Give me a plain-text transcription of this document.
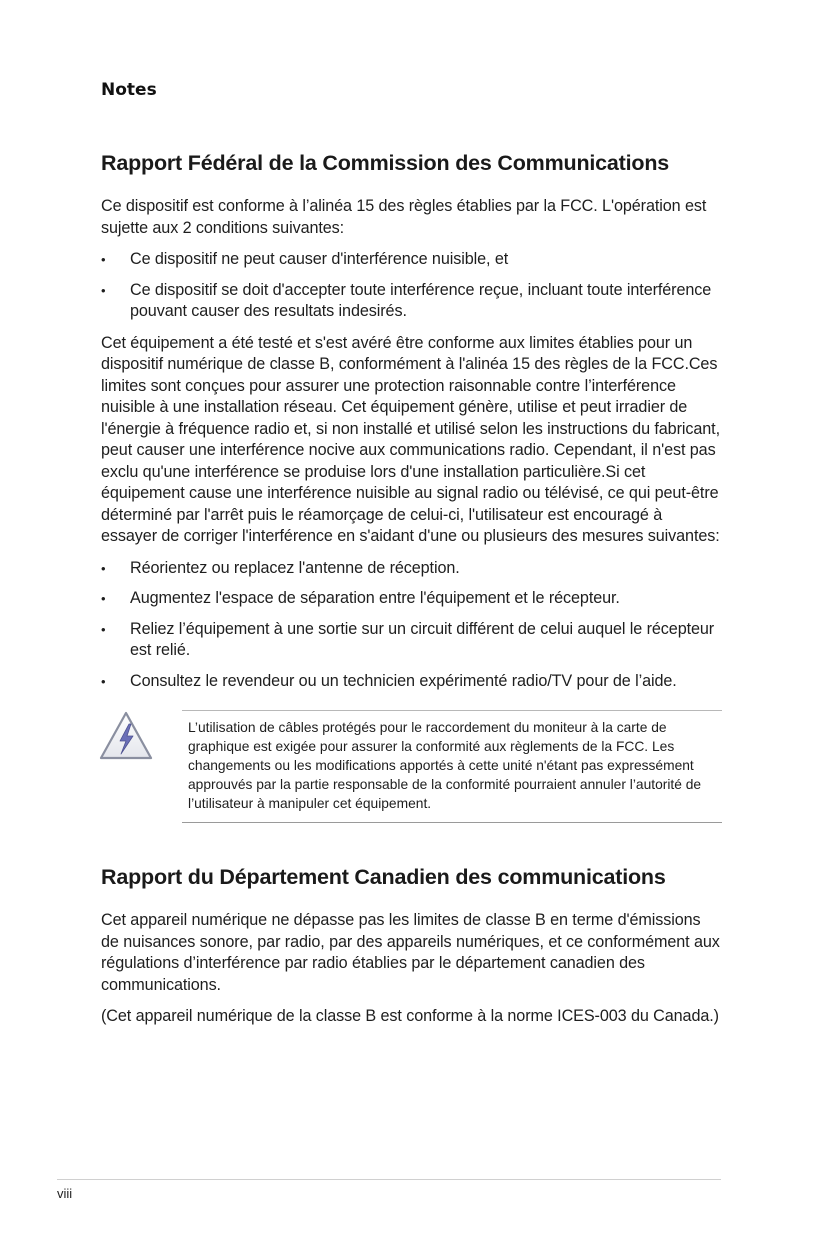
Notes
Rapport Fédéral de la Commission des Communications

Ce dispositif est conforme à l’alinéa 15 des règles établies par la FCC. L'opération est sujette aux 2 conditions suivantes:

• Ce dispositif ne peut causer d'interférence nuisible, et
• Ce dispositif se doit d'accepter toute interférence reçue, incluant toute interférence pouvant causer des resultats indesirés.

Cet équipement a été testé et s'est avéré être conforme aux limites établies pour un dispositif numérique de classe B, conformément à l'alinéa 15 des règles de la FCC.Ces limites sont conçues pour assurer une protection raisonnable contre l’interférence nuisible à une installation réseau. Cet équipement génère, utilise et peut irradier de l'énergie à fréquence radio et, si non installé et utilisé selon les instructions du fabricant, peut causer une interférence nocive aux communications radio. Cependant, il n'est pas exclu qu'une interférence se produise lors d'une installation particulière.Si cet équipement cause une interférence nuisible au signal radio ou télévisé, ce qui peut-être déterminé par l'arrêt puis le réamorçage de celui-ci, l'utilisateur est encouragé à essayer de corriger l'interférence en s'aidant d'une ou plusieurs des mesures suivantes:

• Réorientez ou replacez l'antenne de réception.
• Augmentez l'espace de séparation entre l'équipement et le récepteur.
• Reliez l’équipement à une sortie sur un circuit différent de celui auquel le récepteur est relié.
• Consultez le revendeur ou un technicien expérimenté radio/TV pour de l’aide.
L’utilisation de câbles protégés pour le raccordement du moniteur à la carte de graphique est exigée pour assurer la conformité aux règlements de la FCC. Les changements ou les modifications apportés à cette unité n'étant pas expressément approuvés par la partie responsable de la conformité pourraient annuler l’autorité de l’utilisateur à manipuler cet équipement.
Rapport du Département Canadien des communications

Cet appareil numérique ne dépasse pas les limites de classe B en terme d'émissions de nuisances sonore, par radio, par des appareils numériques, et ce conformément aux régulations d’interférence par radio établies par le département canadien des communications.

(Cet appareil numérique de la classe B est conforme à la norme ICES-003 du Canada.)

viii
